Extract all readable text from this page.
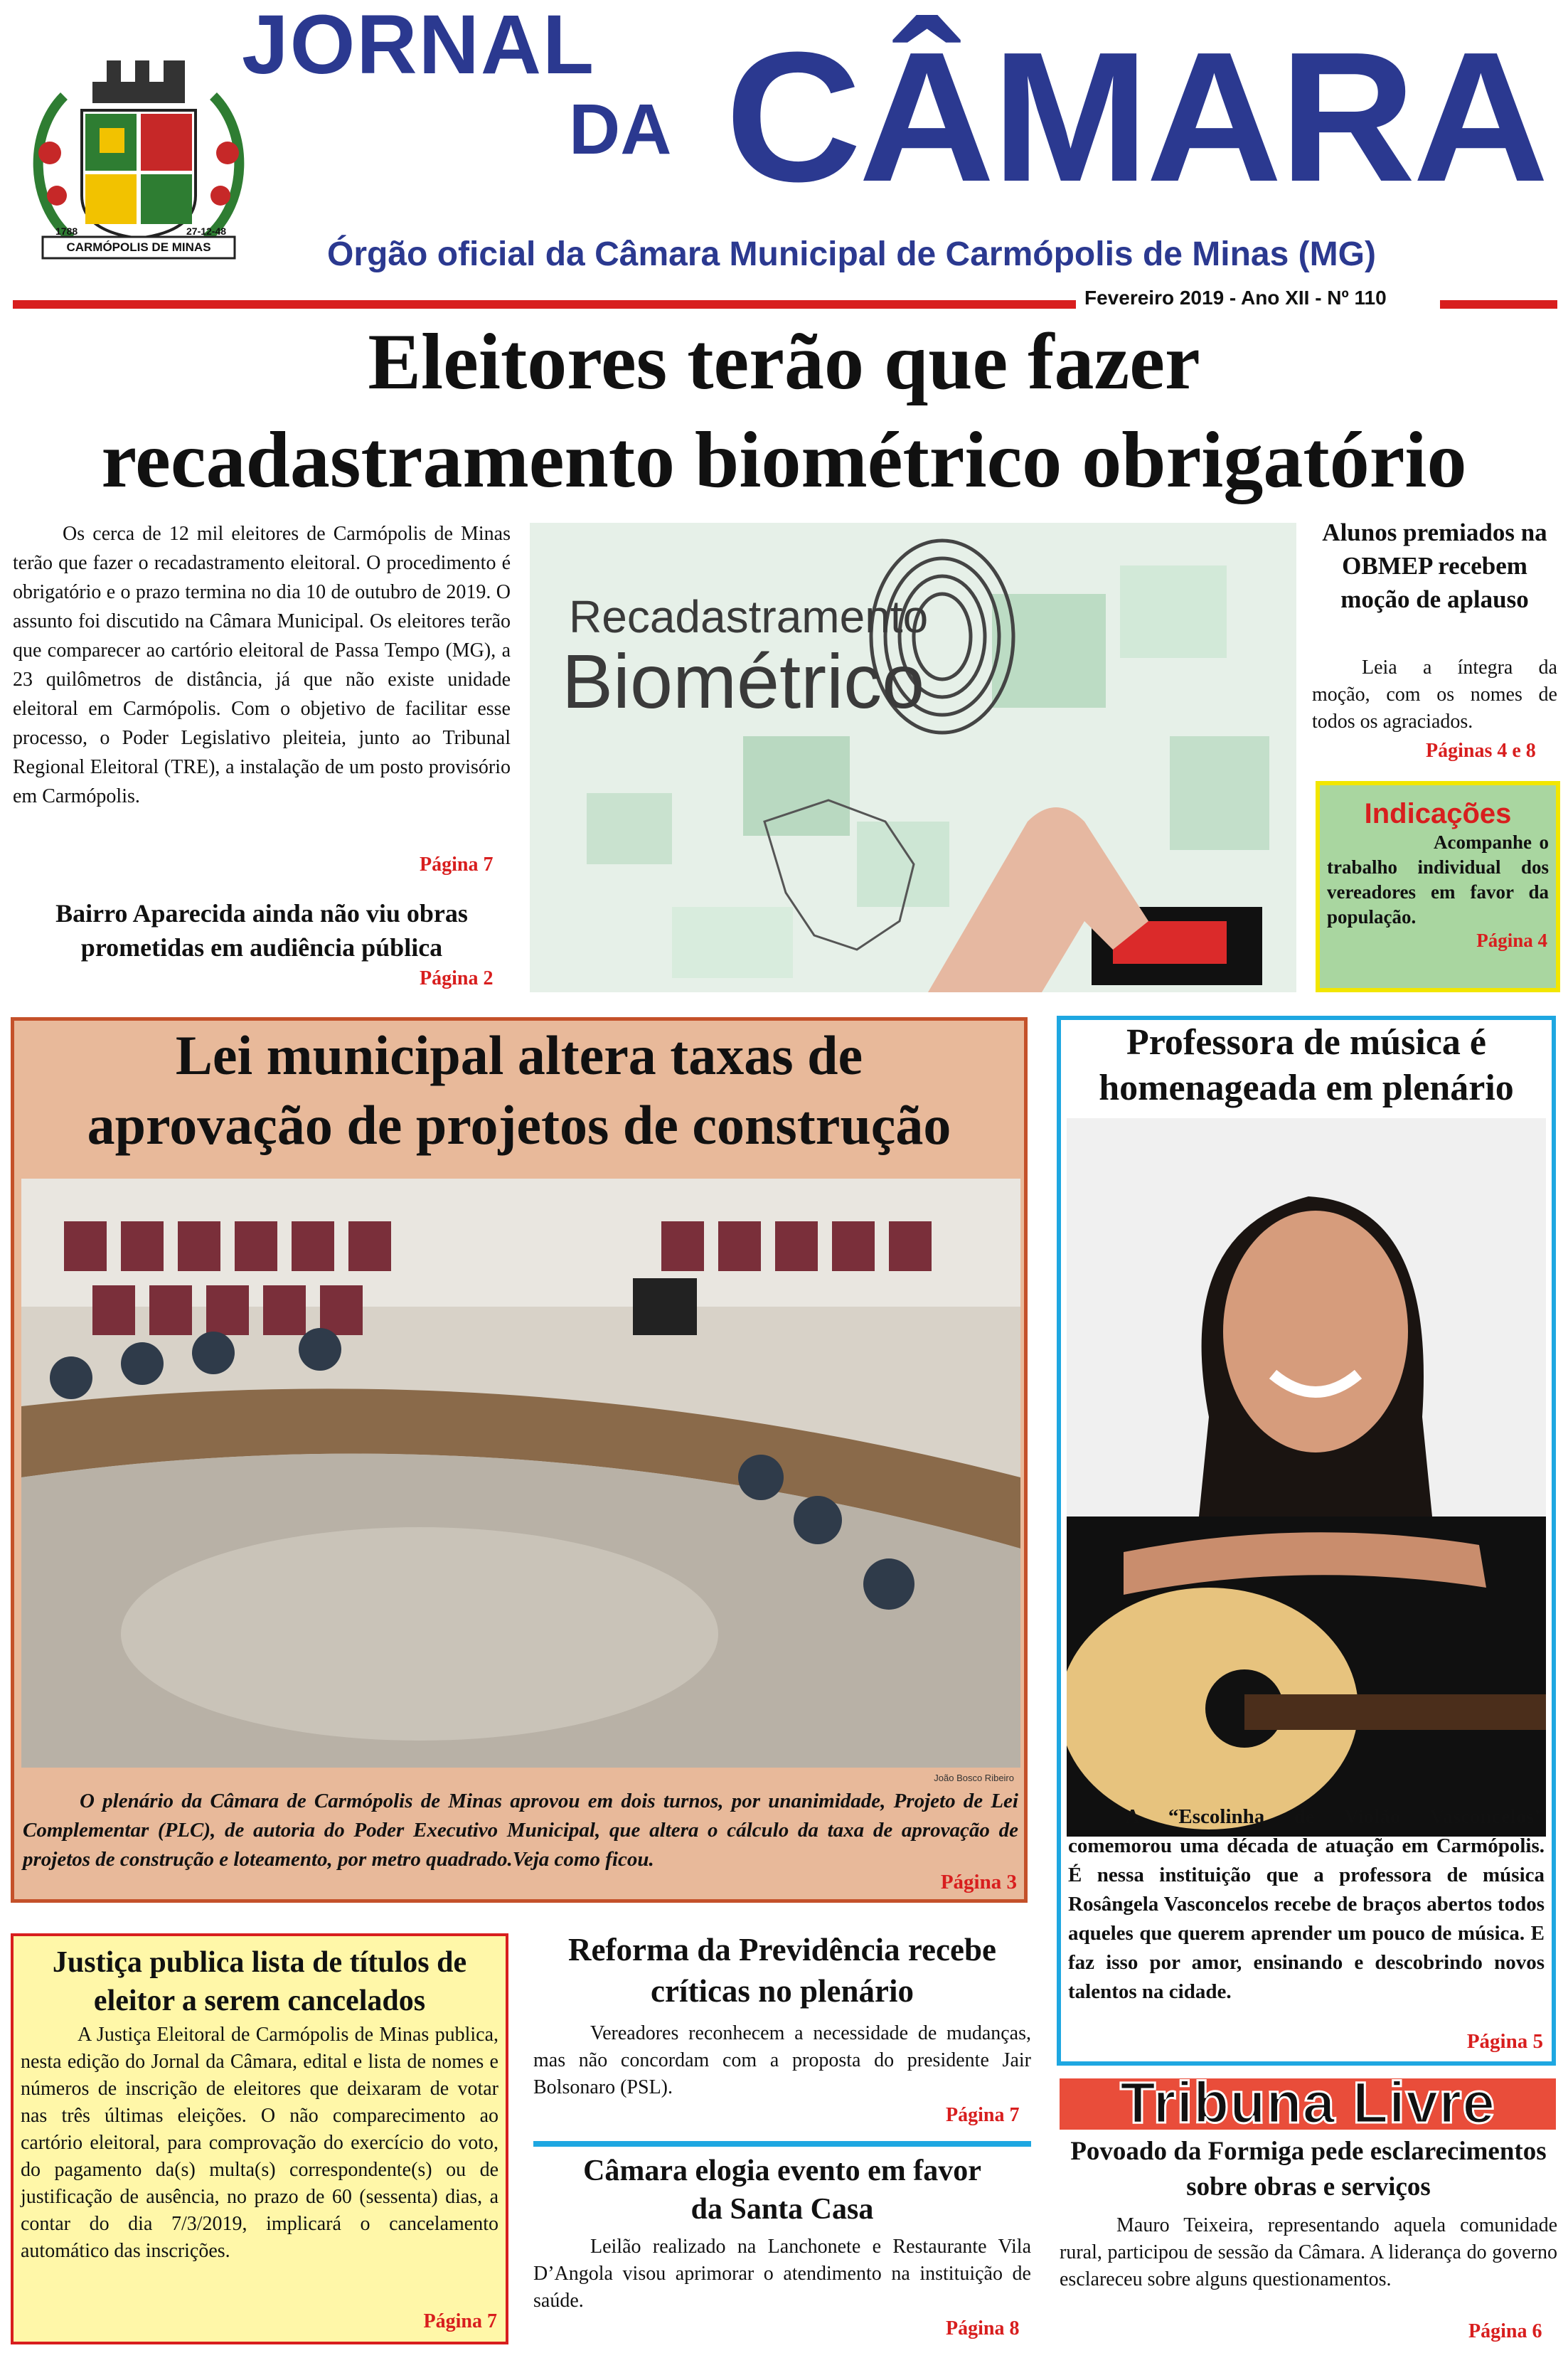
1788	27-12-48
CARMÓPOLIS DE MINAS
JORNAL
DA CÂMARA
Órgão oficial da Câmara Municipal de Carmópolis de Minas (MG)
Fevereiro 2019 - Ano XII - Nº 110
Eleitores terão que fazer
recadastramento biométrico obrigatório
Os cerca de 12 mil eleitores de Carmópolis de Minas terão que fazer o recadastramento eleitoral. O procedimento é obrigatório e o prazo termina no dia 10 de outubro de 2019. O assunto foi discutido na Câmara Municipal. Os eleitores terão que comparecer ao cartório eleitoral de Passa Tempo (MG), a 23 quilômetros de distância, já que não existe unidade eleitoral em Carmópolis. Com o objetivo de facilitar esse processo, o Poder Legislativo pleiteia, junto ao Tribunal Regional Eleitoral (TRE), a instalação de um posto provisório em Carmópolis.
Página 7
Bairro Aparecida ainda não viu obras prometidas em audiência pública
Página 2
Recadastramento
Biométrico
Alunos premiados na OBMEP recebem moção de aplauso
Leia a íntegra da moção, com os nomes de todos os agraciados.
Páginas 4 e 8
Indicações
Acompanhe o trabalho individual dos vereadores em favor da população.
Página 4
Lei municipal altera taxas de
aprovação de projetos de construção
João Bosco Ribeiro
O plenário da Câmara de Carmópolis de Minas aprovou em dois turnos, por unanimidade, Projeto de Lei Complementar (PLC), de autoria do Poder Executivo Municipal, que altera o cálculo da taxa de aprovação de projetos de construção e loteamento, por metro quadrado.Veja como ficou.
Página 3
Professora de música é homenageada em plenário
A “Escolinha de Violão Vasconcelos” comemorou uma década de atuação em Carmópolis. É nessa instituição que a professora de música Rosângela Vasconcelos recebe de braços abertos todos aqueles que querem aprender um pouco de música. E faz isso por amor, ensinando e descobrindo novos talentos na cidade.
Página 5
Justiça publica lista de títulos de eleitor a serem cancelados
A Justiça Eleitoral de Carmópolis de Minas publica, nesta edição do Jornal da Câmara, edital e lista de nomes e números de inscrição de eleitores que deixaram de votar nas três últimas eleições. O não comparecimento ao cartório eleitoral, para comprovação do exercício do voto, do pagamento da(s) multa(s) correspondente(s) ou de justificação de ausência, no prazo de 60 (sessenta) dias, a contar do dia 7/3/2019, implicará o cancelamento automático das inscrições.
Página 7
Reforma da Previdência recebe críticas no plenário
Vereadores reconhecem a necessidade de mudanças, mas não concordam com a proposta do presidente Jair Bolsonaro (PSL).
Página 7
Câmara elogia evento em favor da Santa Casa
Leilão realizado na Lanchonete e Restaurante Vila D’Angola visou aprimorar o atendimento na instituição de saúde.
Página 8
Tribuna Livre
Povoado da Formiga pede esclarecimentos sobre obras e serviços
Mauro Teixeira, representando aquela comunidade rural, participou de sessão da Câmara. A liderança do governo esclareceu sobre alguns questionamentos.
Página 6
